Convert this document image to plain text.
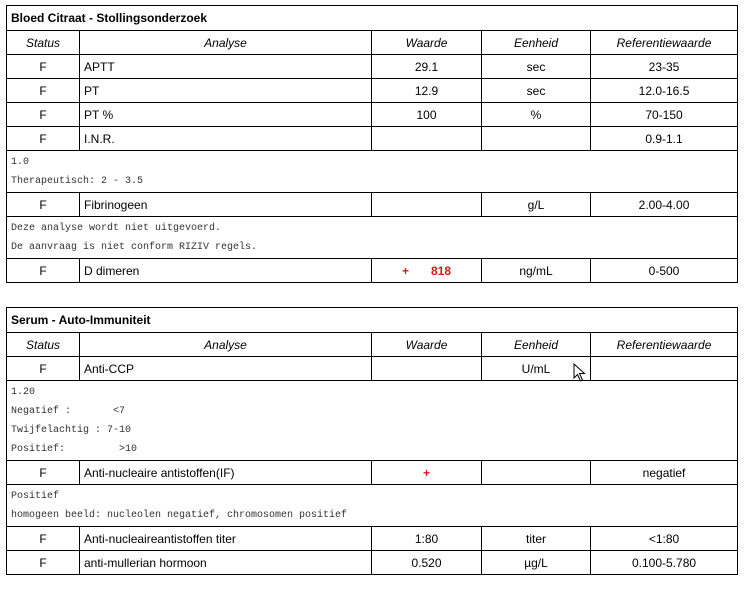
Bloed Citraat - Stollingsonderzoek				
Status	Analyse	Waarde	Eenheid	Referentiewaarde
F	APTT	29.1	sec	23-35
F	PT	12.9	sec	12.0-16.5
F	PT %	100	%	70-150
F	I.N.R.			0.9-1.1

1.0
Therapeutisch: 2 - 3.5				

F	Fibrinogeen		g/L	2.00-4.00

Deze analyse wordt niet uitgevoerd.
De aanvraag is niet conform RIZIV regels.				

F	D dimeren	+ 818	ng/mL	0-500
Serum - Auto-Immuniteit				
Status	Analyse	Waarde	Eenheid	Referentiewaarde
F	Anti-CCP		U/mL	

1.20
Negatief :       <7
Twijfelachtig : 7-10
Positief:         >10				

F	Anti-nucleaire antistoffen(IF)	+		negatief

Positief
homogeen beeld: nucleolen negatief, chromosomen positief				

F	Anti-nucleaireantistoffen titer	1:80	titer	<1:80
F	anti-mullerian hormoon	0.520	µg/L	0.100-5.780
